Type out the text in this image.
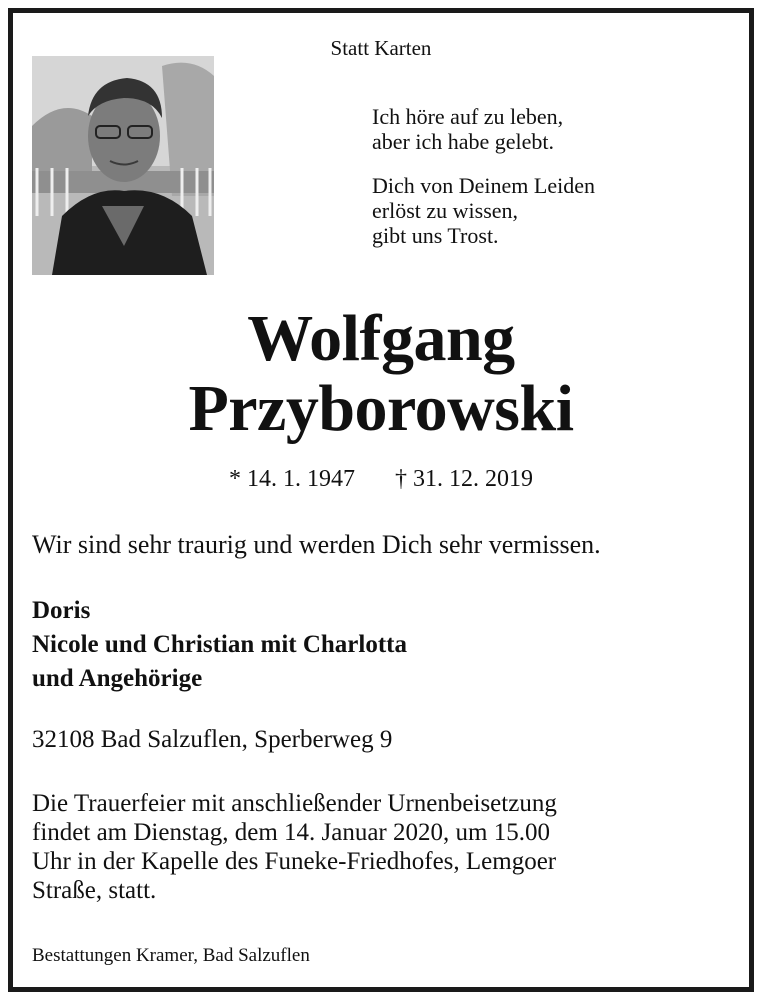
Statt Karten
Ich höre auf zu leben,
aber ich habe gelebt.
Dich von Deinem Leiden
erlöst zu wissen,
gibt uns Trost.
Wolfgang
Przyborowski
* 14. 1. 1947 † 31. 12. 2019
Wir sind sehr traurig und werden Dich sehr vermissen.
Doris
Nicole und Christian mit Charlotta
und Angehörige
32108 Bad Salzuflen, Sperberweg 9
Die Trauerfeier mit anschließender Urnenbeisetzung
findet am Dienstag, dem 14. Januar 2020, um 15.00
Uhr in der Kapelle des Funeke-Friedhofes, Lemgoer
Straße, statt.
Bestattungen Kramer, Bad Salzuflen
